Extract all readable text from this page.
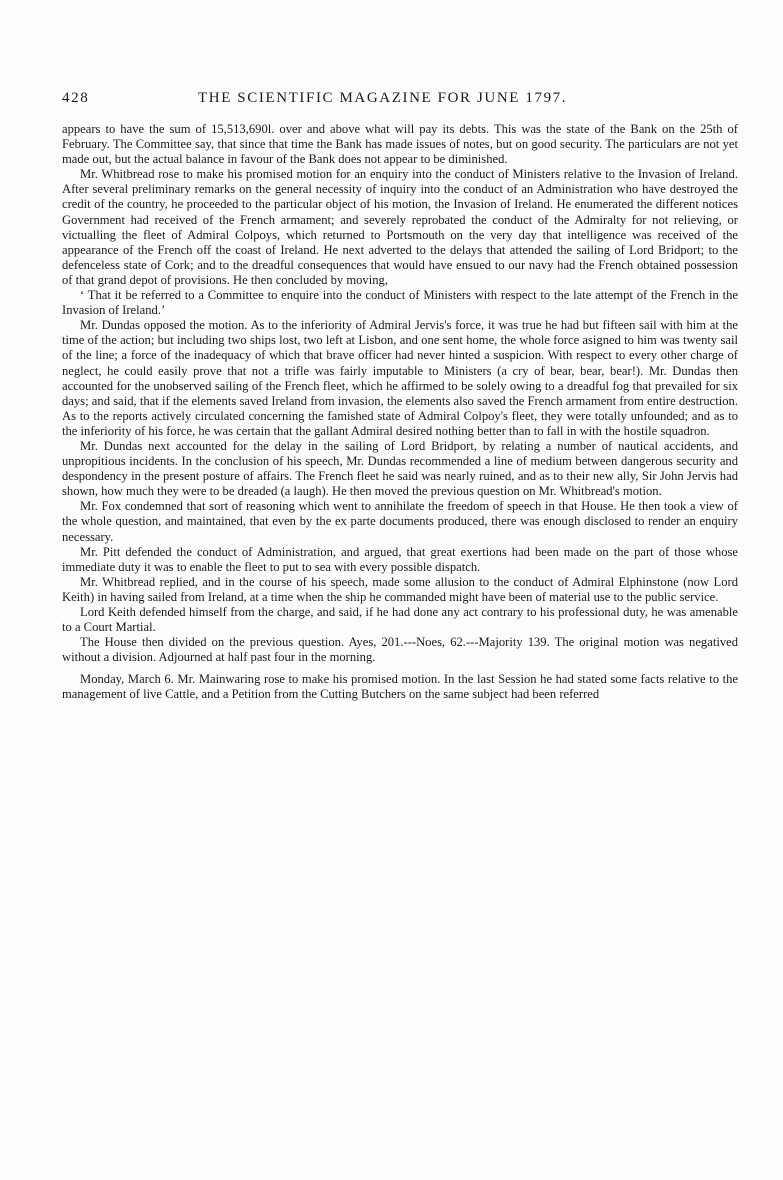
428	THE SCIENTIFIC MAGAZINE FOR JUNE 1797.

appears to have the sum of 15,513,690l. over and above what will pay its debts. This was the state of the Bank on the 25th of February. The Committee say, that since that time the Bank has made issues of notes, but on good security. The particulars are not yet made out, but the actual balance in favour of the Bank does not appear to be diminished.

Mr. Whitbread rose to make his promised motion for an enquiry into the conduct of Ministers relative to the Invasion of Ireland. After several preliminary remarks on the general necessity of inquiry into the conduct of an Administration who have destroyed the credit of the country, he proceeded to the particular object of his motion, the Invasion of Ireland. He enumerated the different notices Government had received of the French armament; and severely reprobated the conduct of the Admiralty for not relieving, or victualling the fleet of Admiral Colpoys, which returned to Portsmouth on the very day that intelligence was received of the appearance of the French off the coast of Ireland. He next adverted to the delays that attended the sailing of Lord Bridport; to the defenceless state of Cork; and to the dreadful consequences that would have ensued to our navy had the French obtained possession of that grand depot of provisions. He then concluded by moving,

‘ That it be referred to a Committee to enquire into the conduct of Ministers with respect to the late attempt of the French in the Invasion of Ireland.’

Mr. Dundas opposed the motion. As to the inferiority of Admiral Jervis's force, it was true he had but fifteen sail with him at the time of the action; but including two ships lost, two left at Lisbon, and one sent home, the whole force asigned to him was twenty sail of the line; a force of the inadequacy of which that brave officer had never hinted a suspicion. With respect to every other charge of neglect, he could easily prove that not a trifle was fairly imputable to Ministers (a cry of bear, bear, bear!). Mr. Dundas then accounted for the unobserved sailing of the French fleet, which he affirmed to be solely owing to a dreadful fog that prevailed for six days; and said, that if the elements saved Ireland from invasion, the elements also saved the French armament from entire destruction. As to the reports actively circulated concerning the famished state of Admiral Colpoy's fleet, they were totally unfounded; and as to the inferiority of his force, he was certain that the gallant Admiral desired nothing better than to fall in with the hostile squadron.

Mr. Dundas next accounted for the delay in the sailing of Lord Bridport, by relating a number of nautical accidents, and unpropitious incidents. In the conclusion of his speech, Mr. Dundas recommended a line of medium between dangerous security and despondency in the present posture of affairs. The French fleet he said was nearly ruined, and as to their new ally, Sir John Jervis had shown, how much they were to be dreaded (a laugh). He then moved the previous question on Mr. Whitbread's motion.

Mr. Fox condemned that sort of reasoning which went to annihilate the freedom of speech in that House. He then took a view of the whole question, and maintained, that even by the ex parte documents produced, there was enough disclosed to render an enquiry necessary.

Mr. Pitt defended the conduct of Administration, and argued, that great exertions had been made on the part of those whose immediate duty it was to enable the fleet to put to sea with every possible dispatch.

Mr. Whitbread replied, and in the course of his speech, made some allusion to the conduct of Admiral Elphinstone (now Lord Keith) in having sailed from Ireland, at a time when the ship he commanded might have been of material use to the public service.

Lord Keith defended himself from the charge, and said, if he had done any act contrary to his professional duty, he was amenable to a Court Martial.

The House then divided on the previous question. Ayes, 201.---Noes, 62.---Majority 139. The original motion was negatived without a division. Adjourned at half past four in the morning.

Monday, March 6. Mr. Mainwaring rose to make his promised motion. In the last Session he had stated some facts relative to the management of live Cattle, and a Petition from the Cutting Butchers on the same subject had been referred
